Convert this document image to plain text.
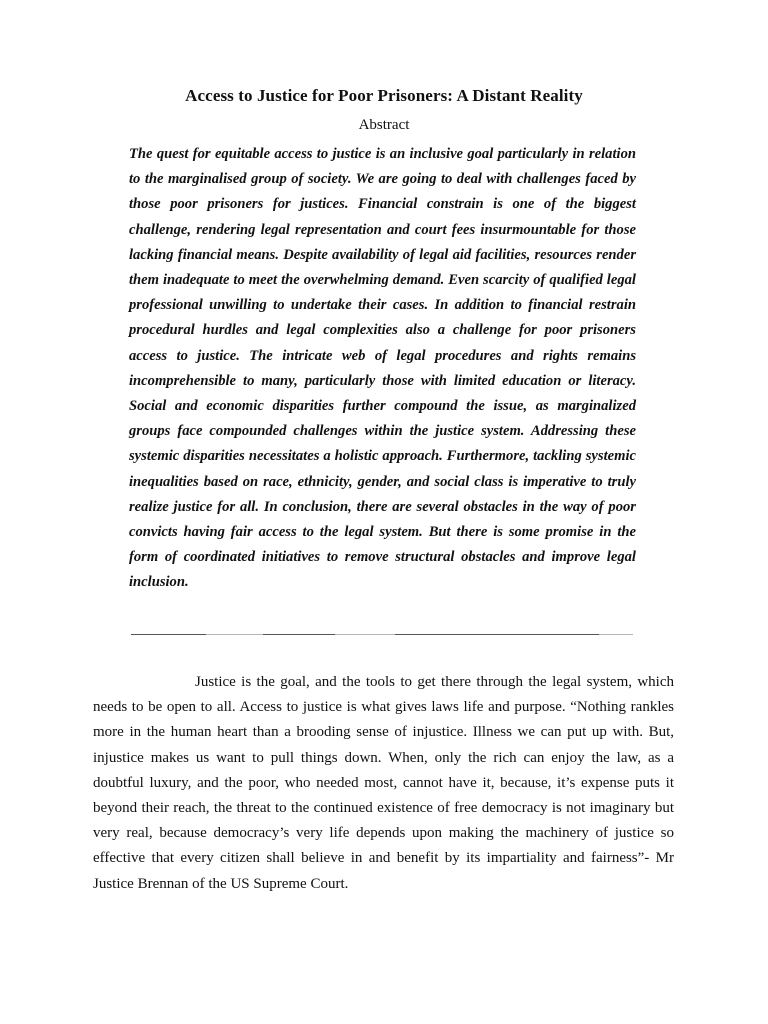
Access to Justice for Poor Prisoners: A Distant Reality
Abstract

The quest for equitable access to justice is an inclusive goal particularly in relation to the marginalised group of society. We are going to deal with challenges faced by those poor prisoners for justices. Financial constrain is one of the biggest challenge, rendering legal representation and court fees insurmountable for those lacking financial means. Despite availability of legal aid facilities, resources render them inadequate to meet the overwhelming demand. Even scarcity of qualified legal professional unwilling to undertake their cases. In addition to financial restrain procedural hurdles and legal complexities also a challenge for poor prisoners access to justice. The intricate web of legal procedures and rights remains incomprehensible to many, particularly those with limited education or literacy. Social and economic disparities further compound the issue, as marginalized groups face compounded challenges within the justice system. Addressing these systemic disparities necessitates a holistic approach. Furthermore, tackling systemic inequalities based on race, ethnicity, gender, and social class is imperative to truly realize justice for all. In conclusion, there are several obstacles in the way of poor convicts having fair access to the legal system. But there is some promise in the form of coordinated initiatives to remove structural obstacles and improve legal inclusion.

Justice is the goal, and the tools to get there through the legal system, which needs to be open to all. Access to justice is what gives laws life and purpose. “Nothing rankles more in the human heart than a brooding sense of injustice. Illness we can put up with. But, injustice makes us want to pull things down. When, only the rich can enjoy the law, as a doubtful luxury, and the poor, who needed most, cannot have it, because, it’s expense puts it beyond their reach, the threat to the continued existence of free democracy is not imaginary but very real, because democracy’s very life depends upon making the machinery of justice so effective that every citizen shall believe in and benefit by its impartiality and fairness”- Mr Justice Brennan of the US Supreme Court.
